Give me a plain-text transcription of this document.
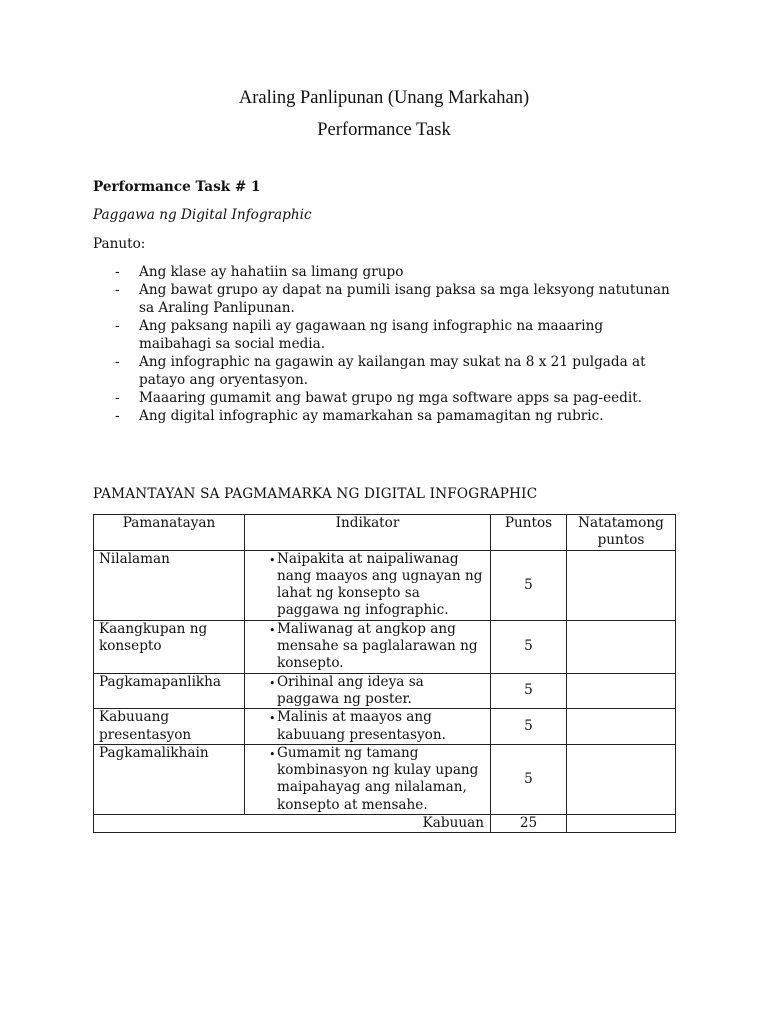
Araling Panlipunan (Unang Markahan)
Performance Task
Performance Task # 1
Paggawa ng Digital Infographic
Panuto:
- Ang klase ay hahatiin sa limang grupo
- Ang bawat grupo ay dapat na pumili isang paksa sa mga leksyong natutunan sa Araling Panlipunan.
- Ang paksang napili ay gagawaan ng isang infographic na maaaring maibahagi sa social media.
- Ang infographic na gagawin ay kailangan may sukat na 8 x 21 pulgada at patayo ang oryentasyon.
- Maaaring gumamit ang bawat grupo ng mga software apps sa pag-eedit.
- Ang digital infographic ay mamarkahan sa pamamagitan ng rubric.
PAMANTAYAN SA PAGMAMARKA NG DIGITAL INFOGRAPHIC
Pamanatayan	Indikator	Puntos	Natatamong puntos
Nilalaman	• Naipakita at naipaliwanag nang maayos ang ugnayan ng lahat ng konsepto sa paggawa ng infographic.	5	
Kaangkupan ng konsepto	• Maliwanag at angkop ang mensahe sa paglalarawan ng konsepto.	5	
Pagkamapanlikha	• Orihinal ang ideya sa paggawa ng poster.	5	
Kabuuang presentasyon	• Malinis at maayos ang kabuuang presentasyon.	5	
Pagkamalikhain	• Gumamit ng tamang kombinasyon ng kulay upang maipahayag ang nilalaman, konsepto at mensahe.	5	
Kabuuan		25	
